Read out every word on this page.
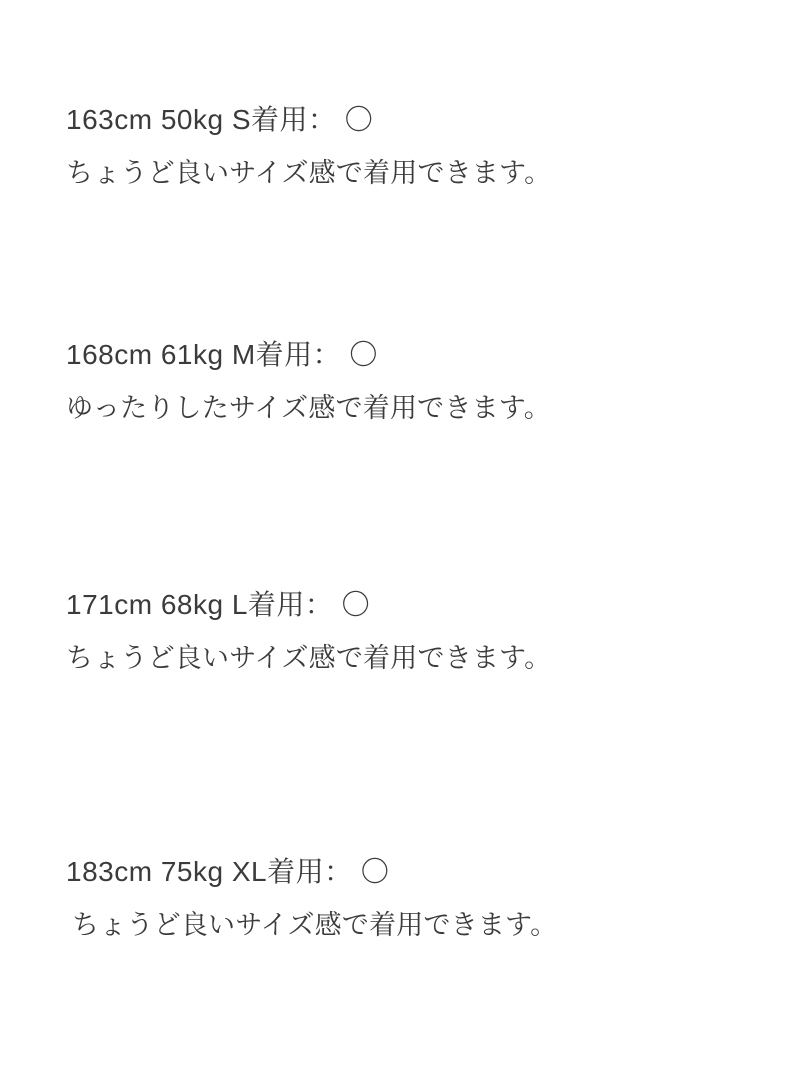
163cm 50kg S着用： 〇

ちょうど良いサイズ感で着用できます。

168cm 61kg M着用： 〇

ゆったりしたサイズ感で着用できます。

171cm 68kg L着用： 〇

ちょうど良いサイズ感で着用できます。

183cm 75kg XL着用： 〇

ちょうど良いサイズ感で着用できます。
